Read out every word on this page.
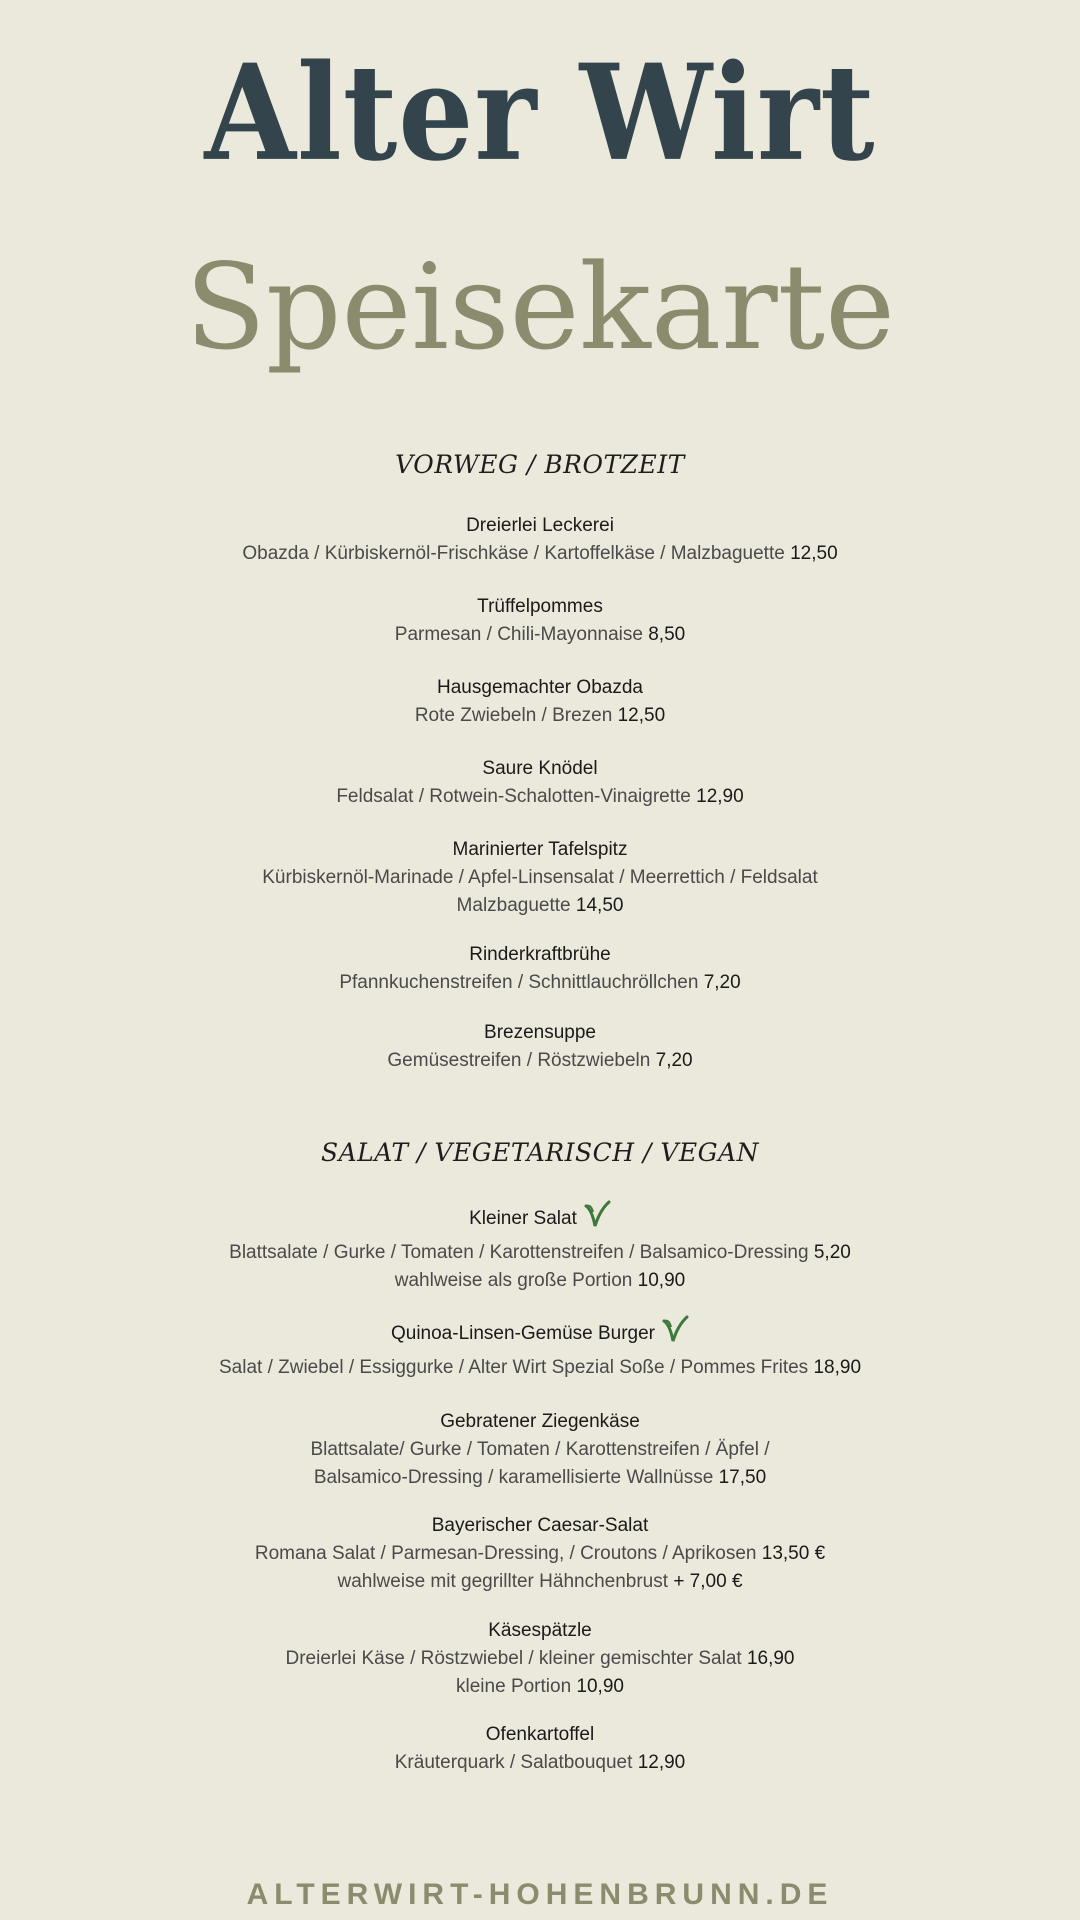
Alter Wirt
Speisekarte
VORWEG / BROTZEIT
Dreierlei Leckerei
Obazda / Kürbiskernöl-Frischkäse / Kartoffelkäse / Malzbaguette 12,50
Trüffelpommes
Parmesan / Chili-Mayonnaise 8,50
Hausgemachter Obazda
Rote Zwiebeln / Brezen 12,50
Saure Knödel
Feldsalat / Rotwein-Schalotten-Vinaigrette 12,90
Marinierter Tafelspitz
Kürbiskernöl-Marinade / Apfel-Linsensalat / Meerrettich / Feldsalat
Malzbaguette 14,50
Rinderkraftbrühe
Pfannkuchenstreifen / Schnittlauchröllchen 7,20
Brezensuppe
Gemüsestreifen / Röstzwiebeln 7,20
SALAT / VEGETARISCH / VEGAN
Kleiner Salat
Blattsalate / Gurke / Tomaten / Karottenstreifen / Balsamico-Dressing 5,20
wahlweise als große Portion 10,90
Quinoa-Linsen-Gemüse Burger
Salat / Zwiebel / Essiggurke / Alter Wirt Spezial Soße / Pommes Frites 18,90
Gebratener Ziegenkäse
Blattsalate/ Gurke / Tomaten / Karottenstreifen / Äpfel /
Balsamico-Dressing / karamellisierte Wallnüsse 17,50
Bayerischer Caesar-Salat
Romana Salat / Parmesan-Dressing, / Croutons / Aprikosen 13,50 €
wahlweise mit gegrillter Hähnchenbrust + 7,00 €
Käsespätzle
Dreierlei Käse / Röstzwiebel / kleiner gemischter Salat 16,90
kleine Portion 10,90
Ofenkartoffel
Kräuterquark / Salatbouquet 12,90
ALTERWIRT-HOHENBRUNN.DE
